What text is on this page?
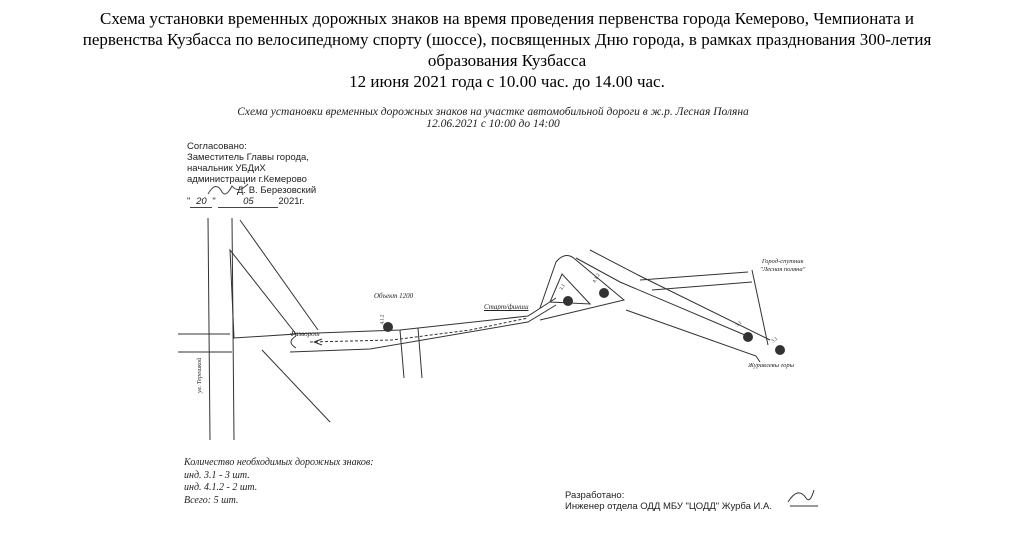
Схема установки временных дорожных знаков на время проведения первенства города Кемерово, Чемпионата и
первенства Кузбасса по велосипедному спорту (шоссе), посвященных Дню города, в рамках празднования 300-летия
образования Кузбасса
12 июня 2021 года с 10.00 час. до 14.00 час.
Схема установки временных дорожных знаков на участке автомобильной дороги в ж.р. Лесная Поляна
12.06.2021 с 10:00 до 14:00
Согласовано:
Заместитель Главы города,
начальник УБДиХ
администрации г.Кемерово
Д. В. Березовский
" 20 "	05	2021г.
Объект 1200
Старт/финиш
Разворот
ул. Терешкой
Город-спутник
"Лесная поляна"
Журавлевы горы
4.1.2
3.1
4.1.2
3.1
3.1
Количество необходимых дорожных знаков:
инд. 3.1 - 3 шт.
инд. 4.1.2 - 2 шт.
Всего: 5 шт.	Разработано:
Инженер отдела ОДД МБУ "ЦОДД" Журба И.А.
